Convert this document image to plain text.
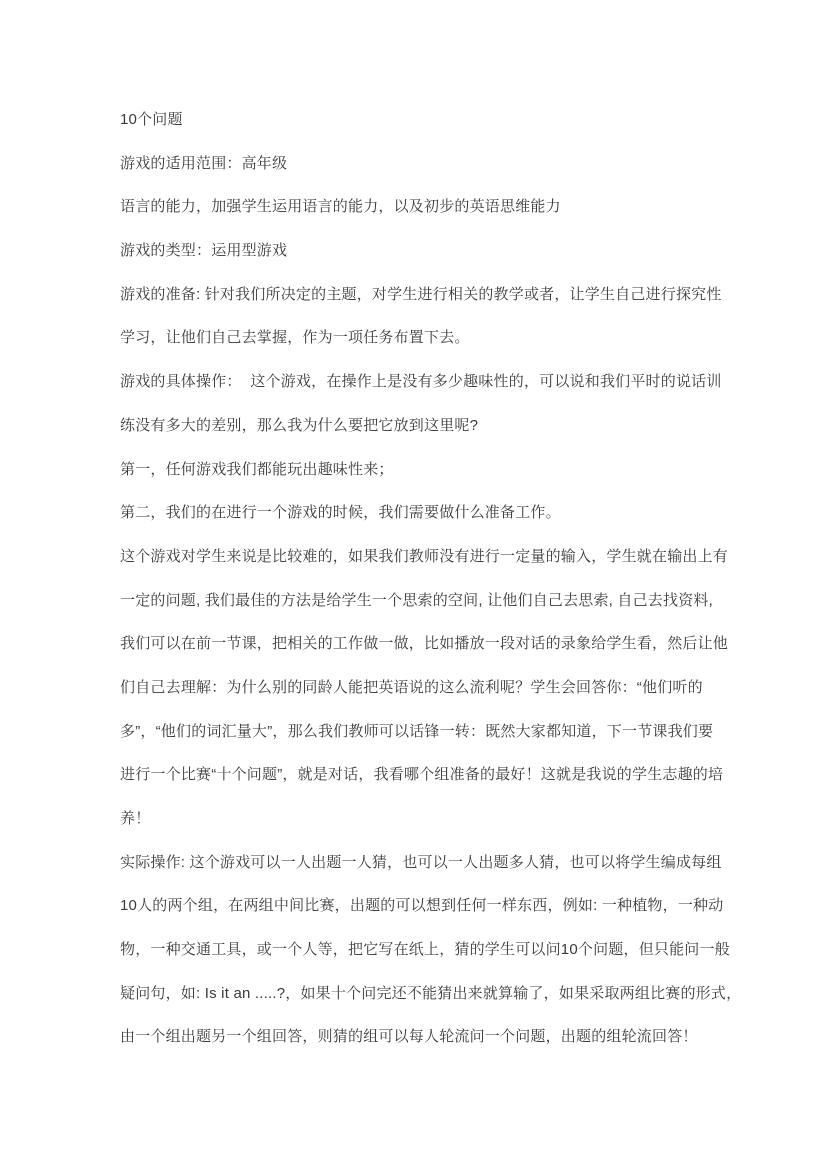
10个问题
游戏的适用范围：高年级
语言的能力，加强学生运用语言的能力，以及初步的英语思维能力
游戏的类型：运用型游戏
游戏的准备: 针对我们所决定的主题，对学生进行相关的教学或者，让学生自己进行探究性
学习，让他们自己去掌握，作为一项任务布置下去。
游戏的具体操作：  这个游戏，在操作上是没有多少趣味性的，可以说和我们平时的说话训
练没有多大的差别，那么我为什么要把它放到这里呢?
第一，任何游戏我们都能玩出趣味性来；
第二，我们的在进行一个游戏的时候，我们需要做什么准备工作。
这个游戏对学生来说是比较难的，如果我们教师没有进行一定量的输入，学生就在输出上有
一定的问题, 我们最佳的方法是给学生一个思索的空间, 让他们自己去思索, 自己去找资料,
我们可以在前一节课，把相关的工作做一做，比如播放一段对话的录象给学生看，然后让他
们自己去理解：为什么别的同龄人能把英语说的这么流利呢？学生会回答你：“他们听的
多”，“他们的词汇量大”，那么我们教师可以话锋一转：既然大家都知道，下一节课我们要
进行一个比赛“十个问题”，就是对话，我看哪个组准备的最好！这就是我说的学生志趣的培
养！
实际操作: 这个游戏可以一人出题一人猜，也可以一人出题多人猜，也可以将学生编成每组
10人的两个组，在两组中间比赛，出题的可以想到任何一样东西，例如: 一种植物，一种动
物，一种交通工具，或一个人等，把它写在纸上，猜的学生可以问10个问题，但只能问一般
疑问句，如: Is it an .....?，如果十个问完还不能猜出来就算输了，如果采取两组比赛的形式，
由一个组出题另一个组回答，则猜的组可以每人轮流问一个问题，出题的组轮流回答！
